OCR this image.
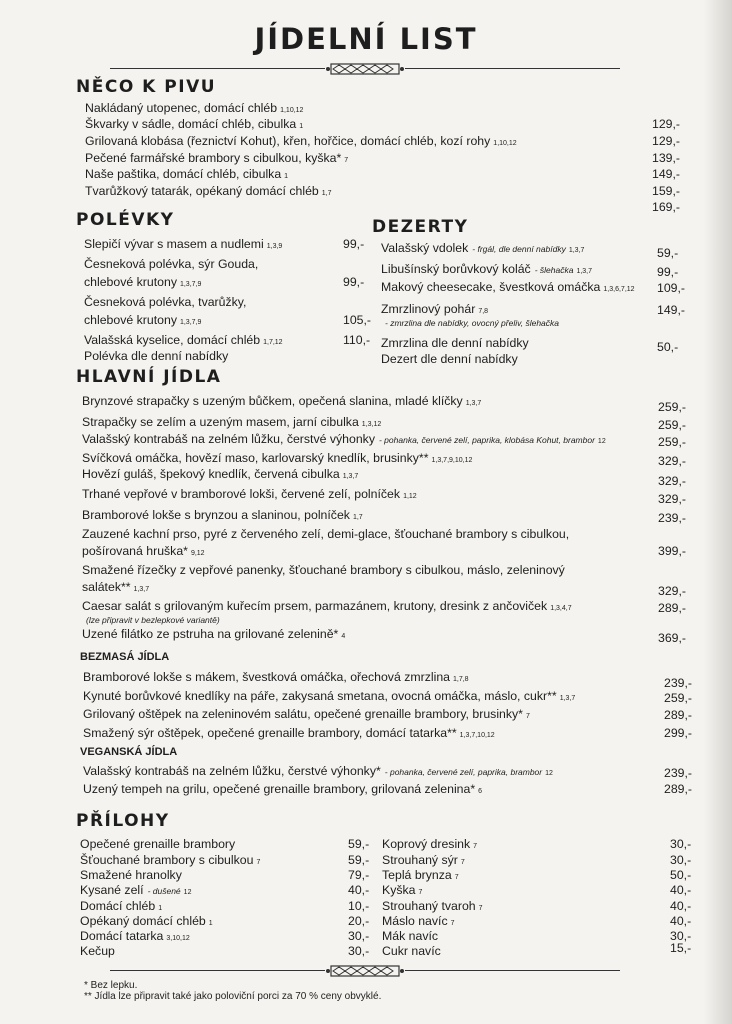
JÍDELNÍ LIST
NĚCO K PIVU
Nakládaný utopenec, domácí chléb 1,10,12
129,-
Škvarky v sádle, domácí chléb, cibulka 1
129,-
Grilovaná klobása (řeznictví Kohut), křen, hořčice, domácí chléb, kozí rohy 1,10,12
139,-
Pečené farmářské brambory s cibulkou, kyška* 7
149,-
Naše paštika, domácí chléb, cibulka 1
159,-
Tvarůžkový tatarák, opékaný domácí chléb 1,7
169,-
POLÉVKY
Slepičí vývar s masem a nudlemi 1,3,9	99,-
Česneková polévka, sýr Gouda,
chlebové krutony 1,3,7,9	99,-
Česneková polévka, tvarůžky,
chlebové krutony 1,3,7,9	105,-
Valašská kyselice, domácí chléb 1,7,12	110,-
Polévka dle denní nabídky
DEZERTY
Valašský vdolek - frgál, dle denní nabídky 1,3,7	59,-
Libušínský borůvkový koláč - šlehačka 1,3,7	99,-
Makový cheesecake, švestková omáčka 1,3,6,7,12 109,-
Zmrzlinový pohár 7,8	149,-
- zmrzlina dle nabídky, ovocný přeliv, šlehačka
Zmrzlina dle denní nabídky	50,-
Dezert dle denní nabídky
HLAVNÍ JÍDLA
Brynzové strapačky s uzeným bůčkem, opečená slanina, mladé klíčky 1,3,7	259,-
Strapačky se zelím a uzeným masem, jarní cibulka 1,3,12	259,-
Valašský kontrabáš na zelném lůžku, čerstvé výhonky - pohanka, červené zelí, paprika, klobása Kohut, brambor 12	259,-
Svíčková omáčka, hovězí maso, karlovarský knedlík, brusinky** 1,3,7,9,10,12	329,-
Hovězí guláš, špekový knedlík, červená cibulka 1,3,7	329,-
Trhané vepřové v bramborové lokši, červené zelí, polníček 1,12	329,-
Bramborové lokše s brynzou a slaninou, polníček 1,7	239,-
Zauzené kachní prso, pyré z červeného zelí, demi-glace, šťouchané brambory s cibulkou,
pošírovaná hruška* 9,12	399,-
Smažené řízečky z vepřové panenky, šťouchané brambory s cibulkou, máslo, zeleninový
salátek** 1,3,7	329,-
Caesar salát s grilovaným kuřecím prsem, parmazánem, krutony, dresink z ančoviček 1,3,4,7	289,-
(lze připravit v bezlepkové variantě)
Uzené filátko ze pstruha na grilované zelenině* 4	369,-
BEZMASÁ JÍDLA
Bramborové lokše s mákem, švestková omáčka, ořechová zmrzlina 1,7,8	239,-
Kynuté borůvkové knedlíky na páře, zakysaná smetana, ovocná omáčka, máslo, cukr** 1,3,7	259,-
Grilovaný oštěpek na zeleninovém salátu, opečené grenaille brambory, brusinky* 7	289,-
Smažený sýr oštěpek, opečené grenaille brambory, domácí tatarka** 1,3,7,10,12	299,-
VEGANSKÁ JÍDLA
Valašský kontrabáš na zelném lůžku, čerstvé výhonky* - pohanka, červené zelí, paprika, brambor 12	239,-
Uzený tempeh na grilu, opečené grenaille brambory, grilovaná zelenina* 6	289,-
PŘÍLOHY
Opečené grenaille brambory	59,-
Šťouchané brambory s cibulkou 7	59,-
Smažené hranolky	79,-
Kysané zelí - dušené 12	40,-
Domácí chléb 1	10,-
Opékaný domácí chléb 1	20,-
Domácí tatarka 3,10,12	30,-
Kečup	30,-
Koprový dresink 7	30,-
Strouhaný sýr 7	30,-
Teplá brynza 7	50,-
Kyška 7	40,-
Strouhaný tvaroh 7	40,-
Máslo navíc 7	40,-
Mák navíc	30,-
Cukr navíc	15,-
* Bez lepku.
** Jídla lze připravit také jako poloviční porci za 70 % ceny obvyklé.
